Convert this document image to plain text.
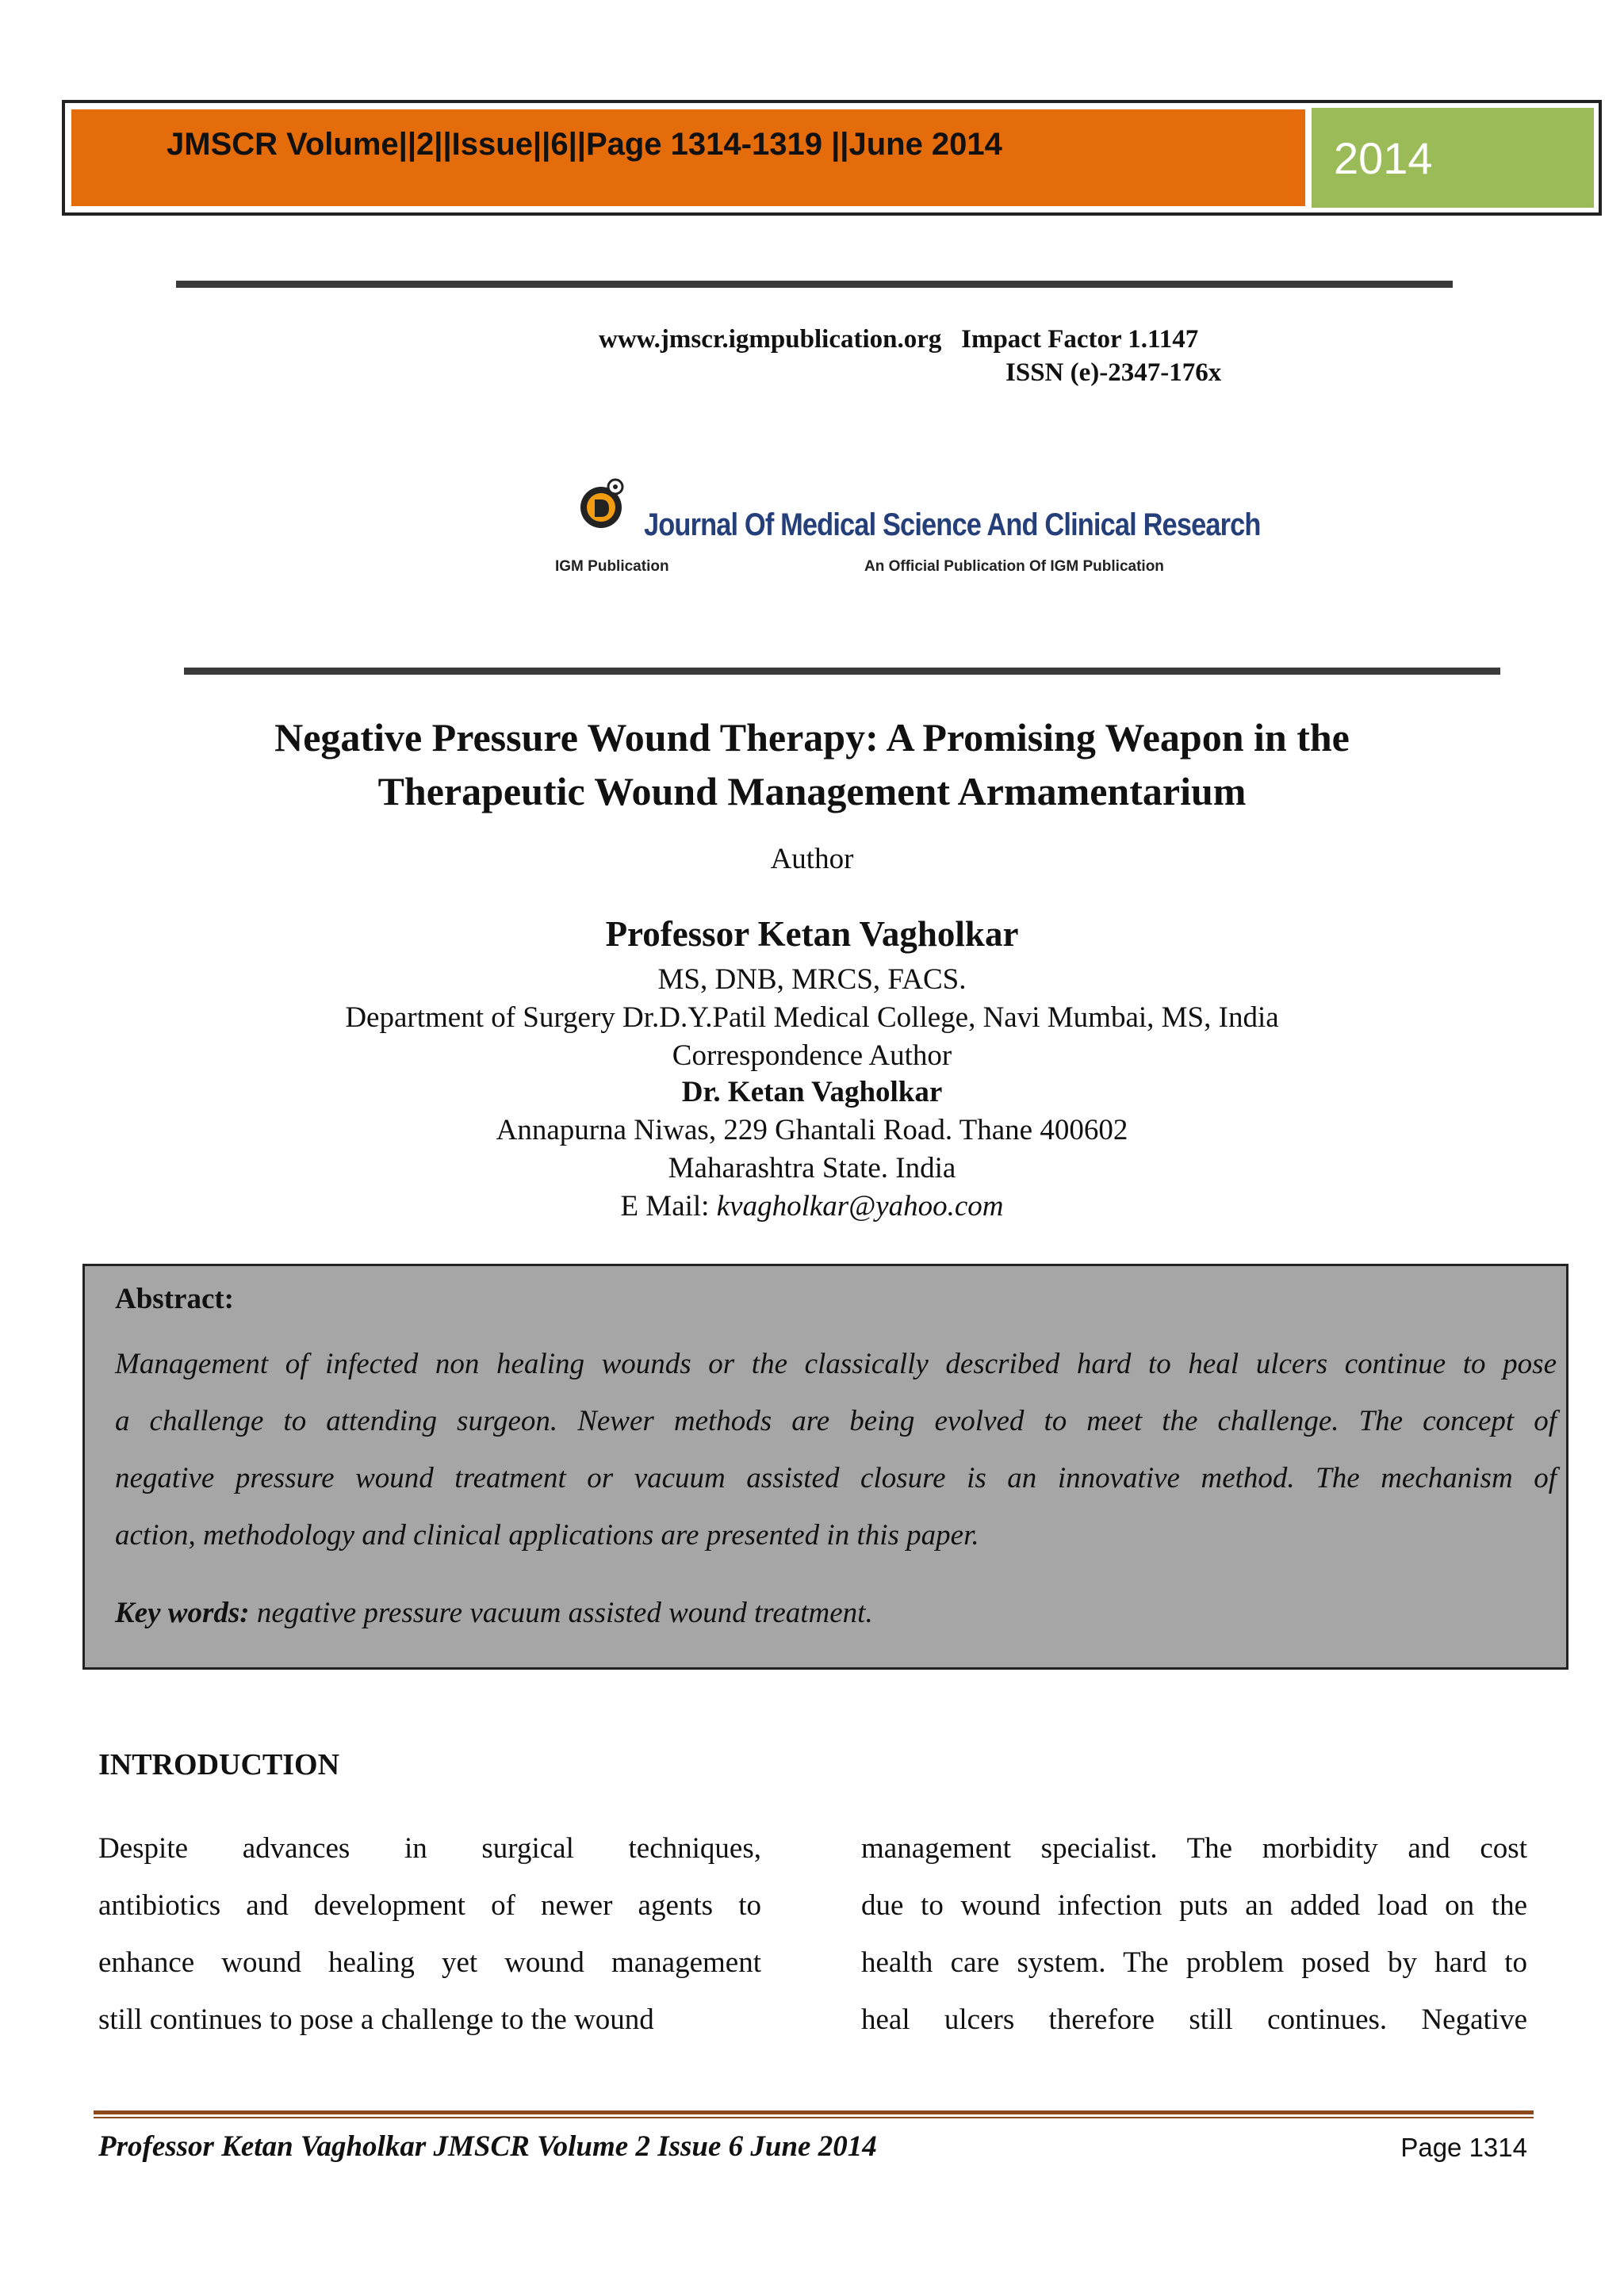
JMSCR Volume||2||Issue||6||Page 1314-1319 ||June 2014	2014
www.jmscr.igmpublication.org Impact Factor 1.1147
ISSN (e)-2347-176x
Journal Of Medical Science And Clinical Research
IGM Publication	An Official Publication Of IGM Publication
Negative Pressure Wound Therapy: A Promising Weapon in the
Therapeutic Wound Management Armamentarium
Author
Professor Ketan Vagholkar
MS, DNB, MRCS, FACS.
Department of Surgery Dr.D.Y.Patil Medical College, Navi Mumbai, MS, India
Correspondence Author
Dr. Ketan Vagholkar
Annapurna Niwas, 229 Ghantali Road. Thane 400602
Maharashtra State. India
E Mail: kvagholkar@yahoo.com
Abstract:
Management of infected non healing wounds or the classically described hard to heal ulcers continue to pose
a challenge to attending surgeon. Newer methods are being evolved to meet the challenge. The concept of
negative pressure wound treatment or vacuum assisted closure is an innovative method. The mechanism of
action, methodology and clinical applications are presented in this paper.
Key words: negative pressure vacuum assisted wound treatment.
INTRODUCTION
Despite advances in surgical techniques,
antibiotics and development of newer agents to
enhance wound healing yet wound management
still continues to pose a challenge to the wound
management specialist. The morbidity and cost
due to wound infection puts an added load on the
health care system. The problem posed by hard to
heal ulcers therefore still continues. Negative
Professor Ketan Vagholkar JMSCR Volume 2 Issue 6 June 2014	Page 1314
